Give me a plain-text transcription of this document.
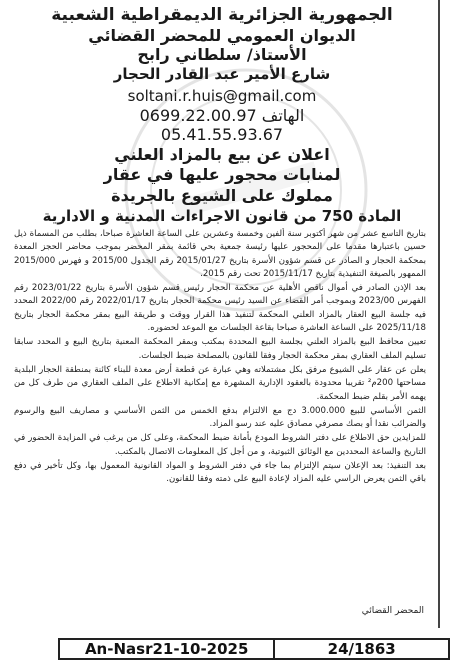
الجمهورية الجزائرية الديمقراطية الشعبية
الديوان العمومي للمحضر القضائي
الأستاذ/ سلطاني رابح
شارع الأمير عبد القادر الحجار
soltani.r.huis@gmail.com
الهاتف 0699.22.00.97
05.41.55.93.67
اعلان عن بيع بالمزاد العلني
لمنابات محجور عليها في عقار
مملوك على الشيوع بالجريدة
المادة 750 من قانون الاجراءات المدنية و الادارية

بتاريخ التاسع عشر من شهر أكتوبر سنة ألفين وخمسة وعشرين على الساعة العاشرة صباحا، بطلب من المسماة ذيل حسين باعتبارها مقدما على المحجور عليها رئيسة جمعية بحي قائمة بمقر المحضر بموجب محاضر الحجز المعدة بمحكمة الحجار و الصادر عن قسم شؤون الأسرة بتاريخ 2015/01/27 رقم الجدول 2015/00 و فهرس 2015/000 الممهور بالصيغة التنفيذية بتاريخ 2015/11/17 تحت رقم 2015.

بعد الإذن الصادر في أموال ناقص الأهلية عن محكمة الحجار رئيس قسم شؤون الأسرة بتاريخ 2023/01/22 رقم الفهرس 2023/00 وبموجب أمر القضاء عن السيد رئيس محكمة الحجار بتاريخ 2022/01/17 رقم 2022/00 المحدد فيه جلسة البيع العقار بالمزاد العلني المحكمة لتنفيذ هذا القرار ووقت و طريقة البيع بمقر محكمة الحجار بتاريخ 2025/11/18 على الساعة العاشرة صباحا بقاعة الجلسات مع الموعد لحضوره.

تعيين محافظ البيع بالمزاد العلني بجلسة البيع المحددة بمكتب وبمقر المحكمة المعنية بتاريخ البيع و المحدد سابقا تسليم الملف العقاري بمقر محكمة الحجار وفقا للقانون بالمصلحة ضبط الجلسات.

يعلن عن عقار على الشيوع مرفق بكل مشتملاته وهي عبارة عن قطعة أرض معدة للبناء كائنة بمنطقة الحجار البلدية مساحتها 200م² تقريبا محدودة بالعقود الإدارية المشهرة مع إمكانية الاطلاع على الملف العقاري من طرف كل من يهمه الأمر بقلم ضبط المحكمة.

الثمن الأساسي للبيع 3.000.000 دج مع الالتزام بدفع الخمس من الثمن الأساسي و مصاريف البيع والرسوم والضرائب نقدا أو بصك مصرفي مصادق عليه عند رسو المزاد.

للمزايدين حق الاطلاع على دفتر الشروط المودع بأمانة ضبط المحكمة، وعلى كل من يرغب في المزايدة الحضور في التاريخ والساعة المحددين مع الوثائق الثبوتية، و من أجل كل المعلومات الاتصال بالمكتب.

بعد التنفيذ: بعد الإعلان سيتم الإلتزام بما جاء في دفتر الشروط و المواد القانونية المعمول بها، وكل تأخير في دفع باقي الثمن يعرض الراسي عليه المزاد لإعادة البيع على ذمته وفقا للقانون.

المحضر القضائي
An-Nasr21-10-2025	24/1863
